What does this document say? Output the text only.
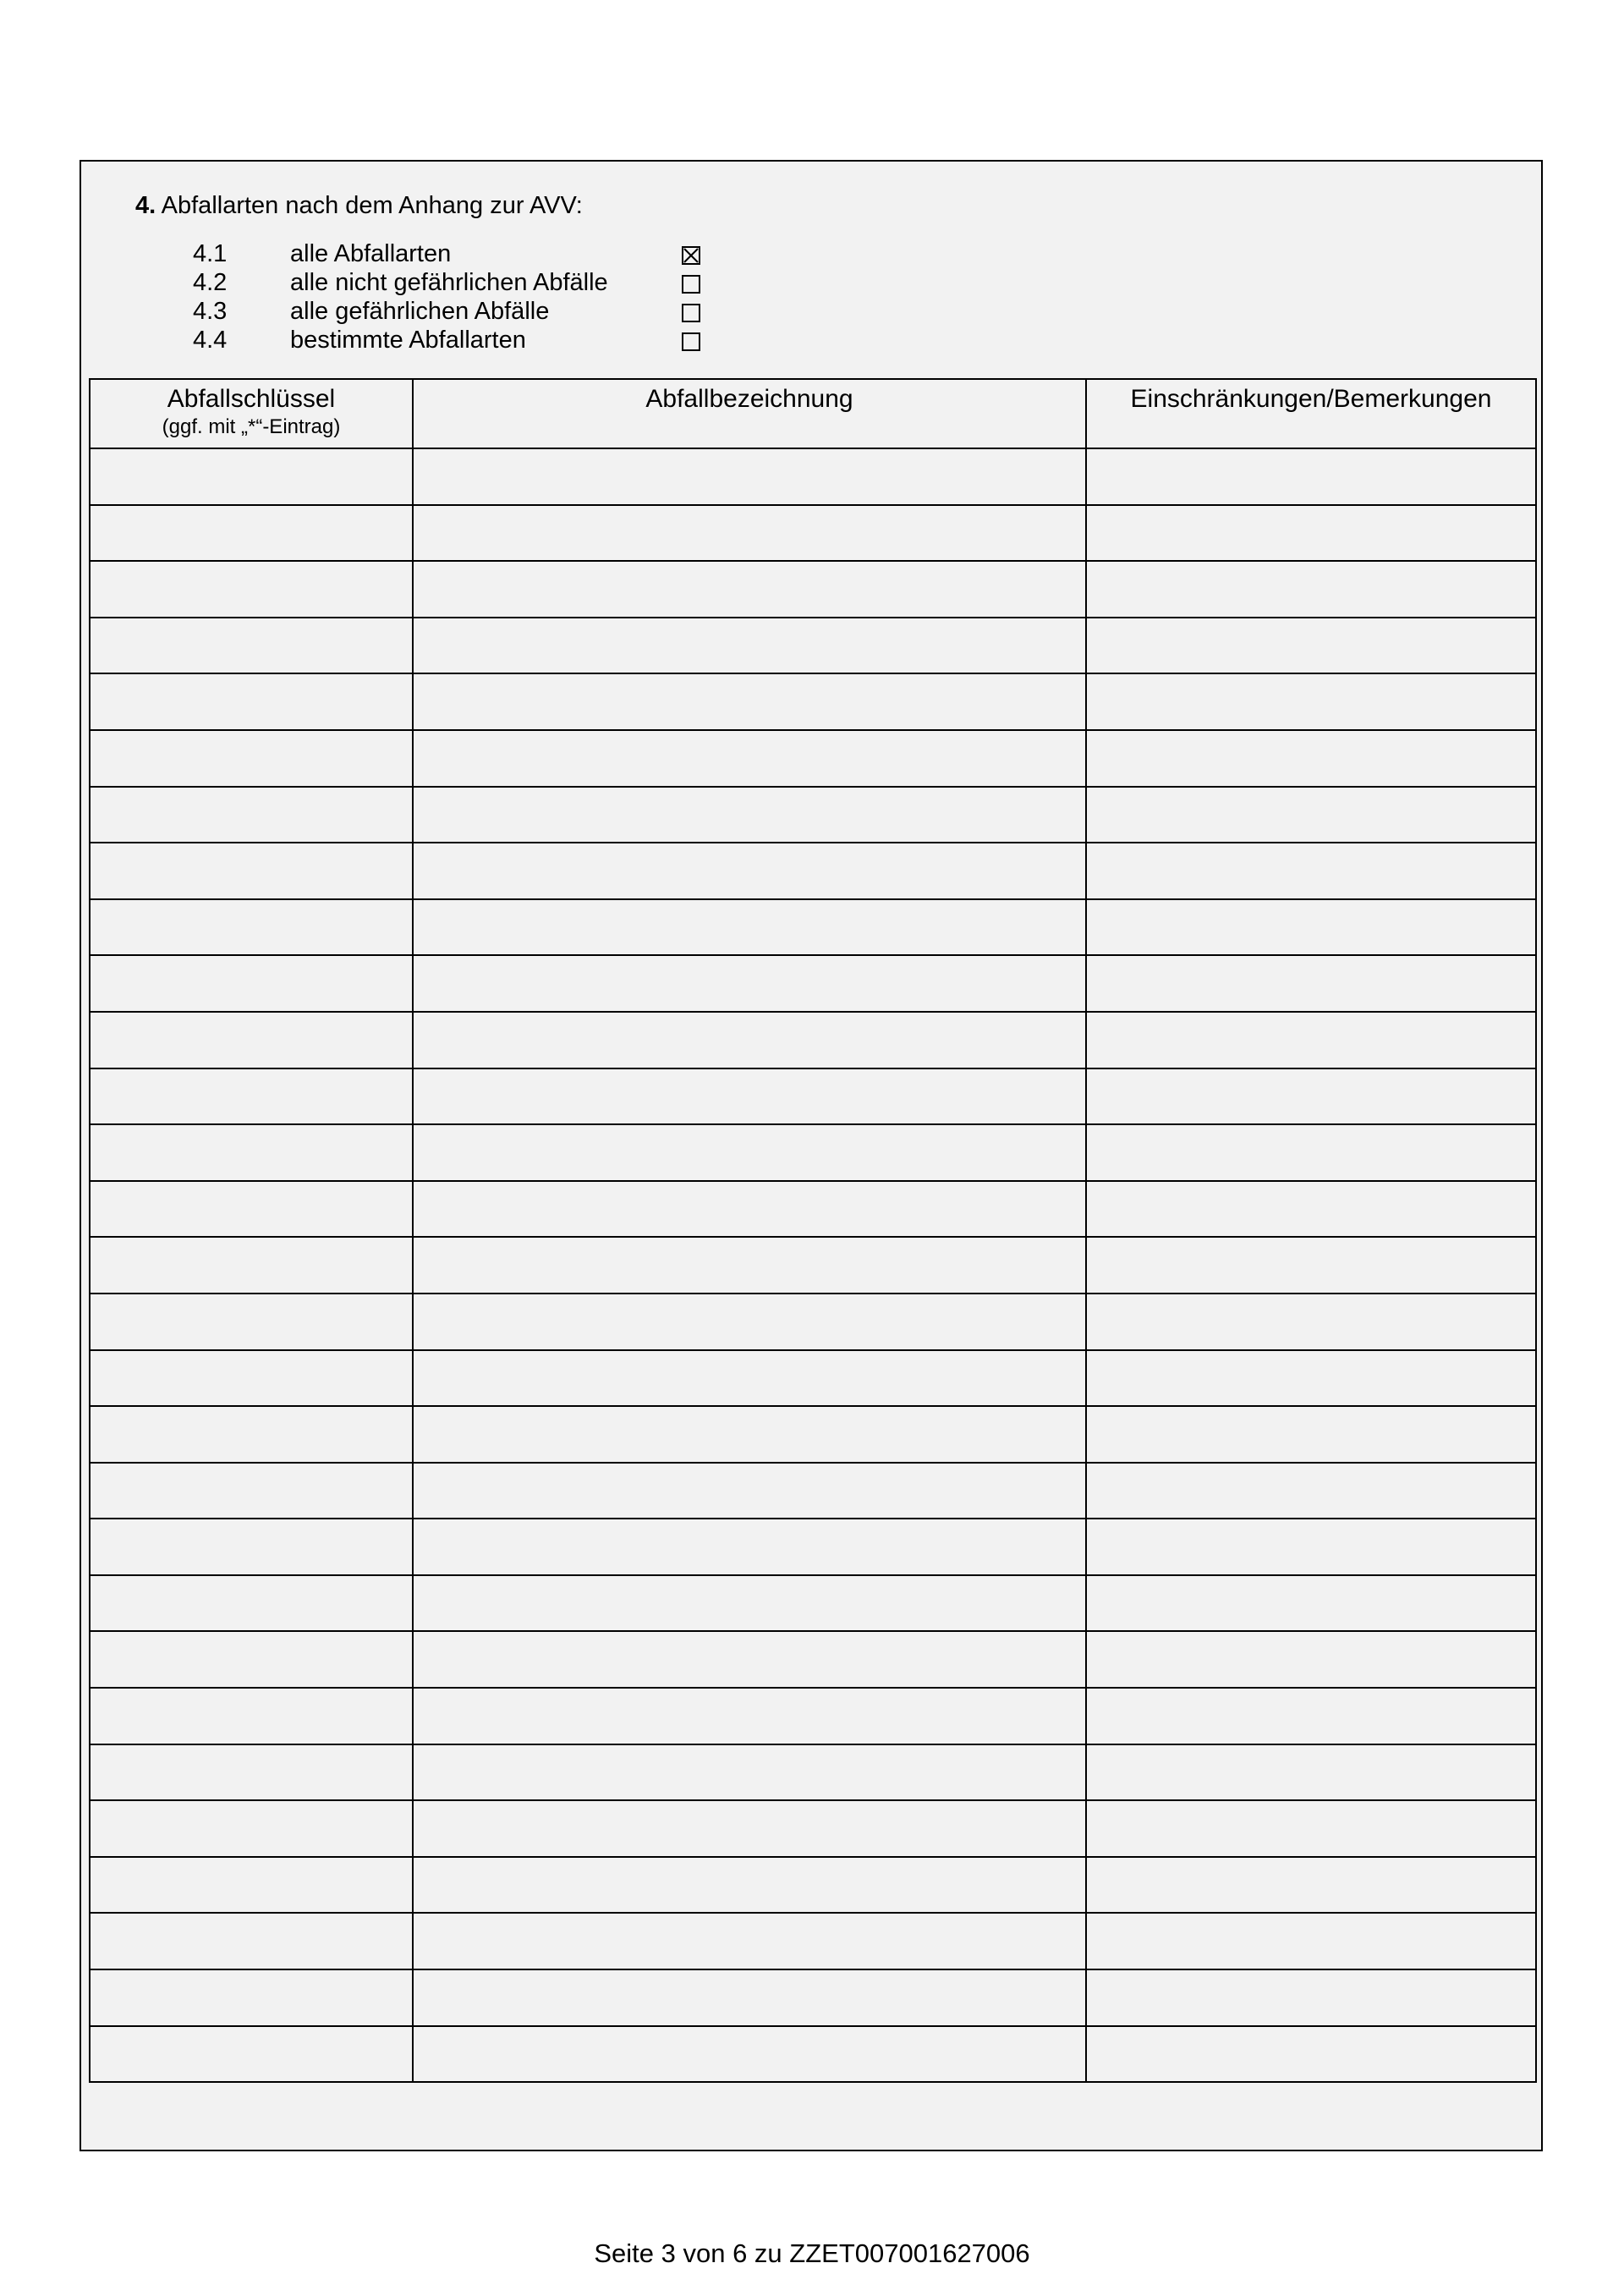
4. Abfallarten nach dem Anhang zur AVV:
4.1	alle Abfallarten
4.2	alle nicht gefährlichen Abfälle
4.3	alle gefährlichen Abfälle
4.4	bestimmte Abfallarten
Abfallschlüssel
(ggf. mit „*“-Eintrag)	Abfallbezeichnung	Einschränkungen/Bemerkungen

Seite 3 von 6 zu ZZET007001627006
